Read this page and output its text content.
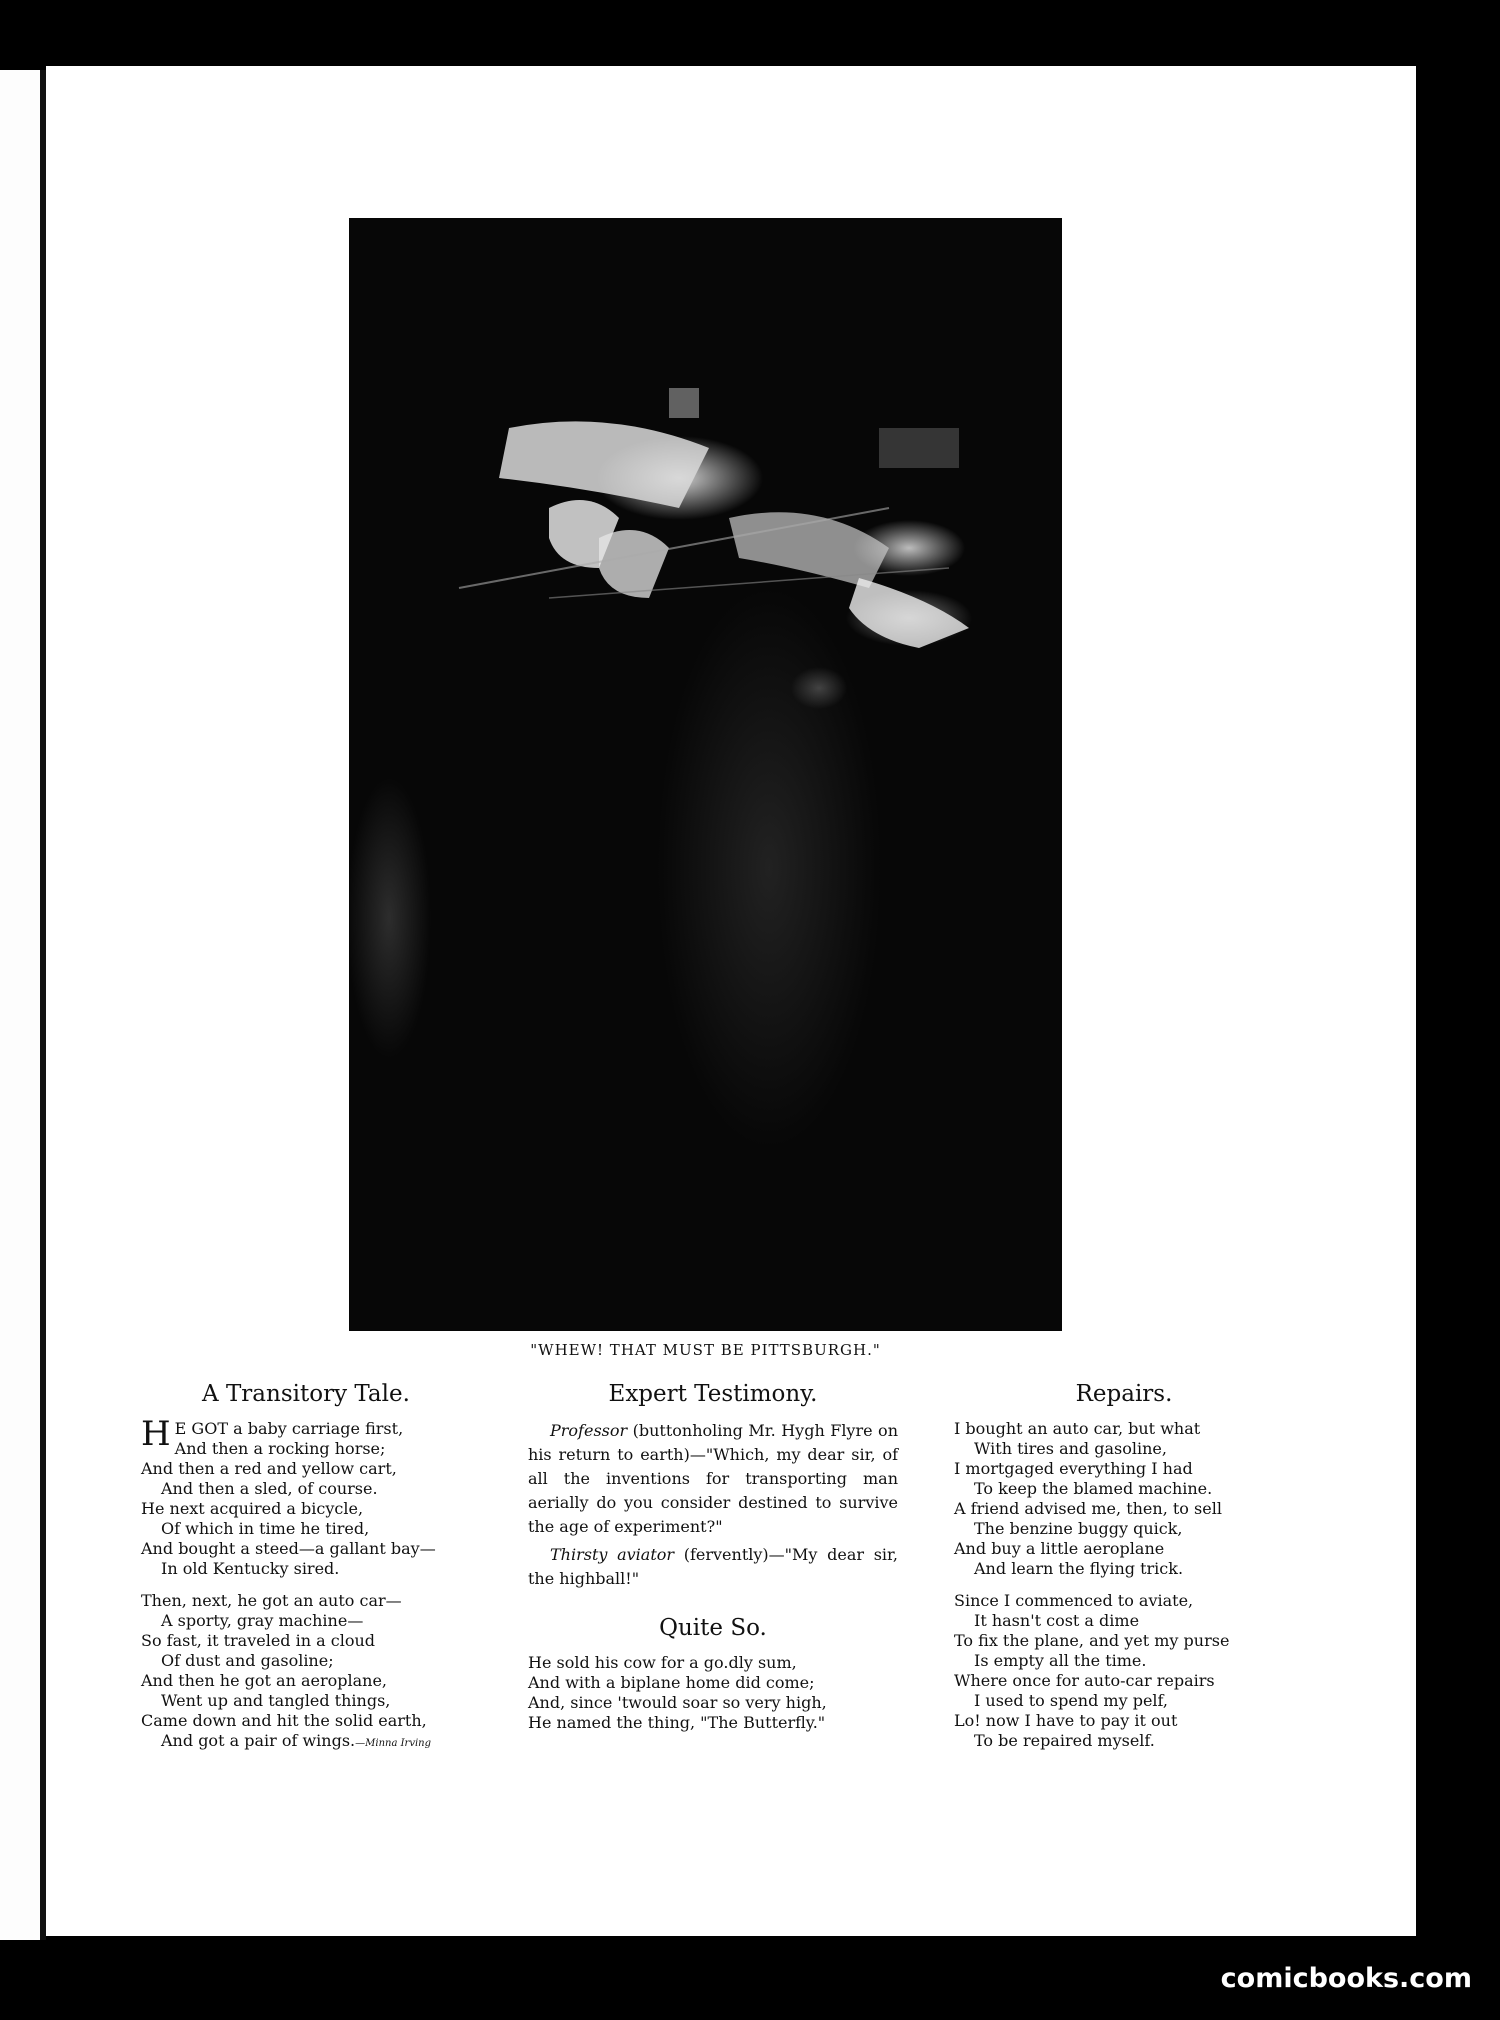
"WHEW! THAT MUST BE PITTSBURGH."
A Transitory Tale.
H E GOT a baby carriage first,
And then a rocking horse;
And then a red and yellow cart,
And then a sled, of course.
He next acquired a bicycle,
Of which in time he tired,
And bought a steed—a gallant bay—
In old Kentucky sired.
Then, next, he got an auto car—
A sporty, gray machine—
So fast, it traveled in a cloud
Of dust and gasoline;
And then he got an aeroplane,
Went up and tangled things,
Came down and hit the solid earth,
And got a pair of wings.—Minna Irving
Expert Testimony.

Professor (buttonholing Mr. Hygh Flyre on his return to earth)—"Which, my dear sir, of all the inventions for transporting man aerially do you consider destined to survive the age of experiment?"

Thirsty aviator (fervently)—"My dear sir, the highball!"

Quite So.
He sold his cow for a go.dly sum,
And with a biplane home did come;
And, since 'twould soar so very high,
He named the thing, "The Butterfly."
Repairs.
I bought an auto car, but what
With tires and gasoline,
I mortgaged everything I had
To keep the blamed machine.
A friend advised me, then, to sell
The benzine buggy quick,
And buy a little aeroplane
And learn the flying trick.
Since I commenced to aviate,
It hasn't cost a dime
To fix the plane, and yet my purse
Is empty all the time.
Where once for auto-car repairs
I used to spend my pelf,
Lo! now I have to pay it out
To be repaired myself.
comicbooks.com
